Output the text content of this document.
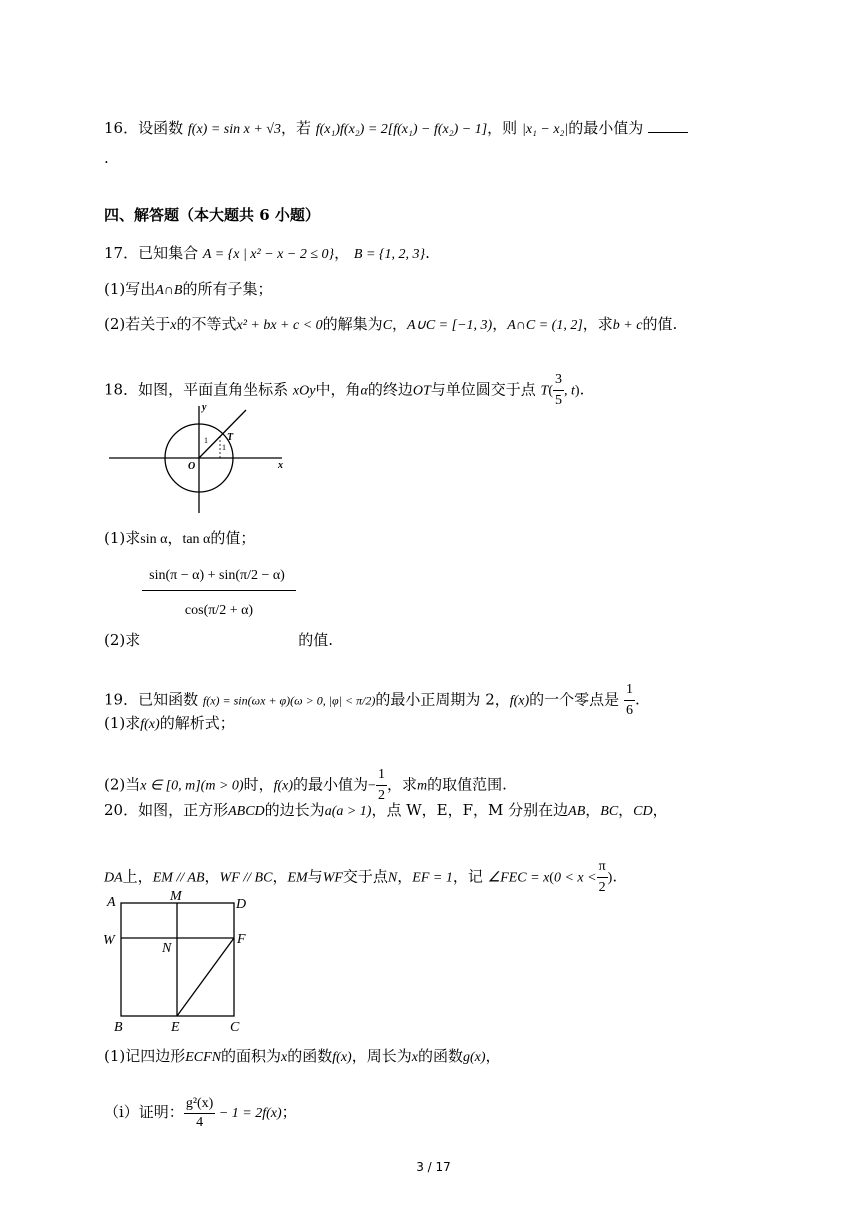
16．设函数 f(x) = sin x + √3，若 f(x₁)f(x₂) = 2[f(x₁) − f(x₂) − 1]，则 |x₁ − x₂|的最小值为
.
四、解答题（本大题共 6 小题）
17．已知集合 A = {x | x² − x − 2 ≤ 0}， B = {1, 2, 3}.
(1)写出A∩B的所有子集；
(2)若关于x的不等式x² + bx + c < 0的解集为C，A∪C = [−1, 3)，A∩C = (1, 2]，求b + c的值.
18．如图，平面直角坐标系 xOy中，角α的终边OT与单位圆交于点 $T( \frac{3}{5}$ , t).
y
x
O
T
1
1
(1)求sin α，tan α的值；
$\frac{\sin(\pi - \alpha) + \sin(\pi/2 - \alpha)}{\cos(\pi/2 + \alpha)}$
(2)求	的值.
19．已知函数 f(x) = sin(ωx + φ)(ω > 0, |φ| < π/2)的最小正周期为 2，f(x)的一个零点是 $\frac{1}{6}$ .
(1)求f(x)的解析式；
(2)当x ∈ [0, m](m > 0)时，f(x)的最小值为− $\frac{1}{2}$ ，求m的取值范围.
20．如图，正方形ABCD的边长为a(a > 1)，点 W，E，F，M 分别在边AB，BC，CD，
DA上，EM // AB，WF // BC，EM与WF交于点N，EF = 1，记 ∠FEC = $x(0 < x < \frac{\pi}{2}$ ).
A	M
D
W
N
F
B	E	C
(1)记四边形ECFN的面积为x的函数f(x)，周长为x的函数g(x)，
（i）证明： $\frac{\text{g²(x)}}{4} - 1 = 2f(x)$；
3 / 17
